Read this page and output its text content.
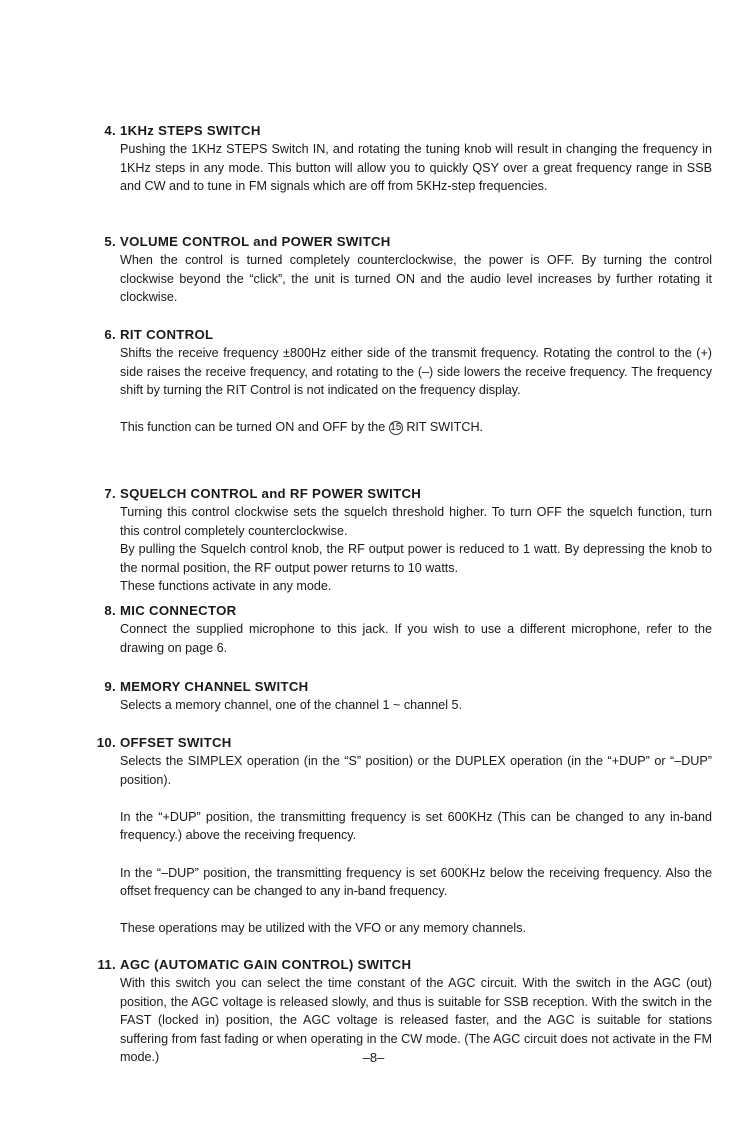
4. 1KHz STEPS SWITCH
Pushing the 1KHz STEPS Switch IN, and rotating the tuning knob will result in changing the frequency in 1KHz steps in any mode. This button will allow you to quickly QSY over a great frequency range in SSB and CW and to tune in FM signals which are off from 5KHz-step frequencies.
5. VOLUME CONTROL and POWER SWITCH
When the control is turned completely counterclockwise, the power is OFF. By turning the control clockwise beyond the “click”, the unit is turned ON and the audio level increases by further rotating it clockwise.
6. RIT CONTROL
Shifts the receive frequency ±800Hz either side of the transmit frequency. Rotating the control to the (+) side raises the receive frequency, and rotating to the (–) side lowers the receive frequency. The frequency shift by turning the RIT Control is not indicated on the frequency display.
This function can be turned ON and OFF by the 15 RIT SWITCH.
7. SQUELCH CONTROL and RF POWER SWITCH
Turning this control clockwise sets the squelch threshold higher. To turn OFF the squelch function, turn this control completely counterclockwise.
By pulling the Squelch control knob, the RF output power is reduced to 1 watt. By depressing the knob to the normal position, the RF output power returns to 10 watts.
These functions activate in any mode.
8. MIC CONNECTOR
Connect the supplied microphone to this jack. If you wish to use a different microphone, refer to the drawing on page 6.
9. MEMORY CHANNEL SWITCH
Selects a memory channel, one of the channel 1 ~ channel 5.
10. OFFSET SWITCH
Selects the SIMPLEX operation (in the “S” position) or the DUPLEX operation (in the “+DUP” or “–DUP” position).
In the “+DUP” position, the transmitting frequency is set 600KHz (This can be changed to any in-band frequency.) above the receiving frequency.
In the “–DUP” position, the transmitting frequency is set 600KHz below the receiving frequency. Also the offset frequency can be changed to any in-band frequency.
These operations may be utilized with the VFO or any memory channels.
11. AGC (AUTOMATIC GAIN CONTROL) SWITCH
With this switch you can select the time constant of the AGC circuit. With the switch in the AGC (out) position, the AGC voltage is released slowly, and thus is suitable for SSB reception. With the switch in the FAST (locked in) position, the AGC voltage is released faster, and the AGC is suitable for stations suffering from fast fading or when operating in the CW mode. (The AGC circuit does not activate in the FM mode.)	–8–
